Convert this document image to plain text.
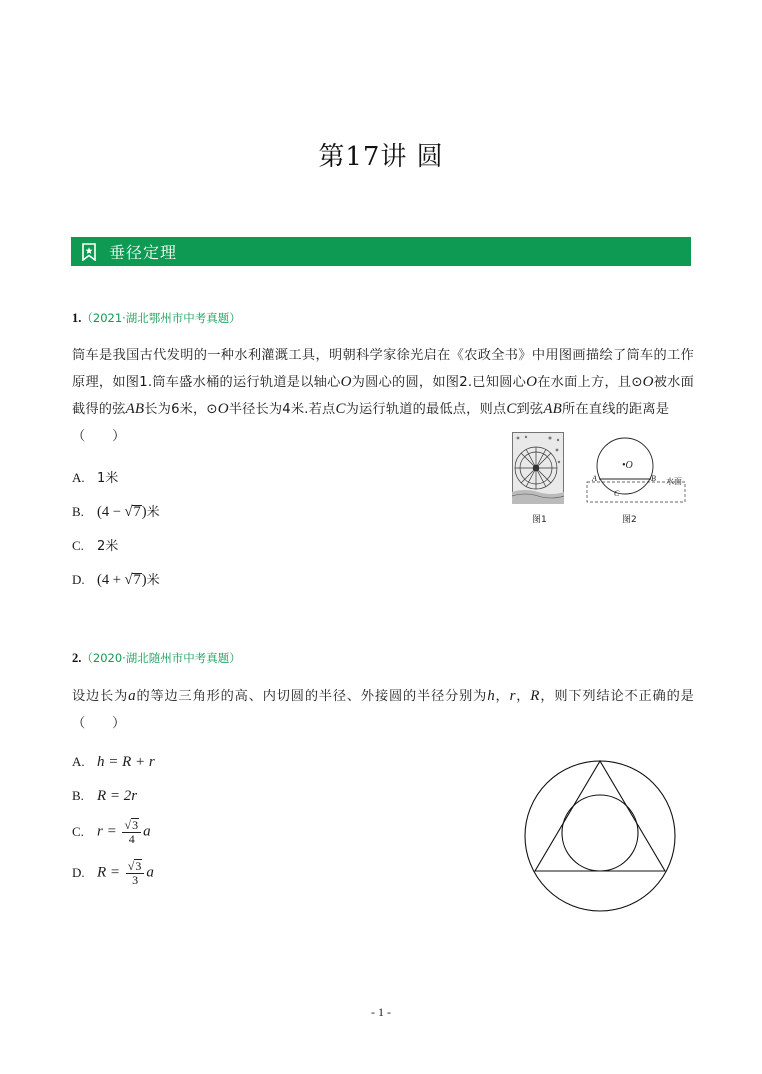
第17讲 圆
垂径定理
1.（2021·湖北鄂州市中考真题）
筒车是我国古代发明的一种水利灌溉工具，明朝科学家徐光启在《农政全书》中用图画描绘了筒车的工作原理，如图1.筒车盛水桶的运行轨道是以轴心O为圆心的圆，如图2.已知圆心O在水面上方，且⊙O被水面截得的弦AB长为6米，⊙O半径长为4米.若点C为运行轨道的最低点，则点C到弦AB所在直线的距离是
（　　）
A. 1米
B. (4 − √7)米
C. 2米
D. (4 + √7)米
图1
•O
A	B
C
水面
图2
2.（2020·湖北随州市中考真题）
设边长为a的等边三角形的高、内切圆的半径、外接圆的半径分别为h，r，R，则下列结论不正确的是（　　）
A. h = R + r
B. R = 2r
C. $r = \frac{√3}{4}$ a
D. $R = \frac{√3}{3}$ a
- 1 -
